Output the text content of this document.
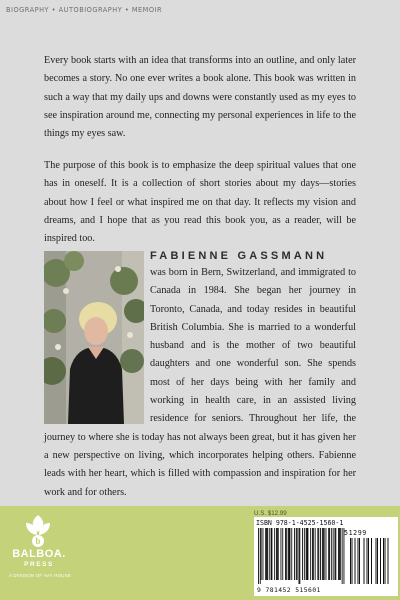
BIOGRAPHY • AUTOBIOGRAPHY • MEMOIR

Every book starts with an idea that transforms into an outline, and only later becomes a story. No one ever writes a book alone. This book was written in such a way that my daily ups and downs were constantly used as my eyes to see inspiration around me, connecting my personal experiences in life to the things my eyes saw.

The purpose of this book is to emphasize the deep spiritual values that one has in oneself. It is a collection of short stories about my days—stories about how I feel or what inspired me on that day. It reflects my vision and dreams, and I hope that as you read this book you, as a reader, will be inspired too.

FABIENNE GASSMANN
was born in Bern, Switzerland, and immigrated to Canada in 1984. She began her journey in Toronto, Canada, and today resides in beautiful British Columbia. She is married to a wonderful husband and is the mother of two beautiful daughters and one wonderful son. She spends most of her days being with her family and working in health care, in an assisted living residence for seniors. Throughout her life, the journey to where she is today has not always been great, but it has given her a new perspective on living, which incorporates helping others. Fabienne leads with her heart, which is filled with compassion and inspiration for her work and for others.
b
BALBOA.
PRESS
A DIVISION OF HAY HOUSE
U.S. $12.99
ISBN 978-1-4525-1560-1
9 781452 515601
51299
